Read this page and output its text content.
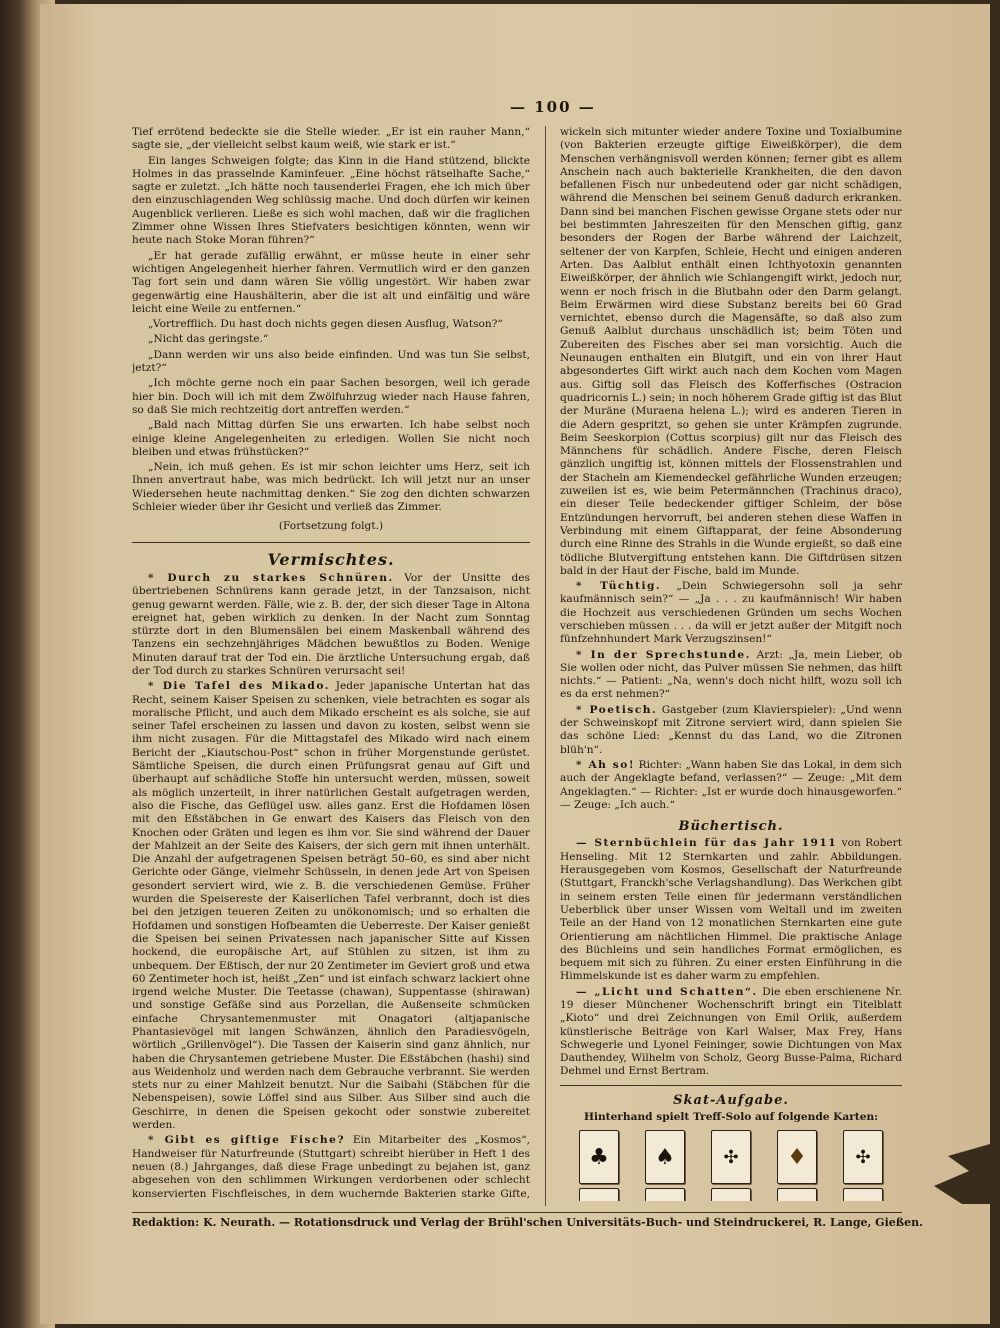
— 100 —

Tief errötend bedeckte sie die Stelle wieder. „Er ist ein rauher Mann,“ sagte sie, „der vielleicht selbst kaum weiß, wie stark er ist.“

Ein langes Schweigen folgte; das Kinn in die Hand stützend, blickte Holmes in das prasselnde Kaminfeuer. „Eine höchst rätselhafte Sache,“ sagte er zuletzt. „Ich hätte noch tausenderlei Fragen, ehe ich mich über den einzuschlagenden Weg schlüssig mache. Und doch dürfen wir keinen Augenblick verlieren. Ließe es sich wohl machen, daß wir die fraglichen Zimmer ohne Wissen Ihres Stiefvaters besichtigen könnten, wenn wir heute nach Stoke Moran führen?“

„Er hat gerade zufällig erwähnt, er müsse heute in einer sehr wichtigen Angelegenheit hierher fahren. Vermutlich wird er den ganzen Tag fort sein und dann wären Sie völlig ungestört. Wir haben zwar gegenwärtig eine Haushälterin, aber die ist alt und einfältig und wäre leicht eine Weile zu entfernen.“

„Vortrefflich. Du hast doch nichts gegen diesen Ausflug, Watson?“

„Nicht das geringste.“

„Dann werden wir uns also beide einfinden. Und was tun Sie selbst, jetzt?“

„Ich möchte gerne noch ein paar Sachen besorgen, weil ich gerade hier bin. Doch will ich mit dem Zwölfuhrzug wieder nach Hause fahren, so daß Sie mich rechtzeitig dort antreffen werden.“

„Bald nach Mittag dürfen Sie uns erwarten. Ich habe selbst noch einige kleine Angelegenheiten zu erledigen. Wollen Sie nicht noch bleiben und etwas frühstücken?“

„Nein, ich muß gehen. Es ist mir schon leichter ums Herz, seit ich Ihnen anvertraut habe, was mich bedrückt. Ich will jetzt nur an unser Wiedersehen heute nachmittag denken.“ Sie zog den dichten schwarzen Schleier wieder über ihr Gesicht und verließ das Zimmer.

(Fortsetzung folgt.)
Vermischtes.

* Durch zu starkes Schnüren. Vor der Unsitte des übertriebenen Schnürens kann gerade jetzt, in der Tanzsaison, nicht genug gewarnt werden. Fälle, wie z. B. der, der sich dieser Tage in Altona ereignet hat, geben wirklich zu denken. In der Nacht zum Sonntag stürzte dort in den Blumensälen bei einem Maskenball während des Tanzens ein sechzehnjähriges Mädchen bewußtlos zu Boden. Wenige Minuten darauf trat der Tod ein. Die ärztliche Untersuchung ergab, daß der Tod durch zu starkes Schnüren verursacht sei!

* Die Tafel des Mikado. Jeder japanische Untertan hat das Recht, seinem Kaiser Speisen zu schenken, viele betrachten es sogar als moralische Pflicht, und auch dem Mikado erscheint es als solche, sie auf seiner Tafel erscheinen zu lassen und davon zu kosten, selbst wenn sie ihm nicht zusagen. Für die Mittagstafel des Mikado wird nach einem Bericht der „Kiautschou-Post“ schon in früher Morgenstunde gerüstet. Sämtliche Speisen, die durch einen Prüfungsrat genau auf Gift und überhaupt auf schädliche Stoffe hin untersucht werden, müssen, soweit als möglich unzerteilt, in ihrer natürlichen Gestalt aufgetragen werden, also die Fische, das Geflügel usw. alles ganz. Erst die Hofdamen lösen mit den Eßstäbchen in Ge enwart des Kaisers das Fleisch von den Knochen oder Gräten und legen es ihm vor. Sie sind während der Dauer der Mahlzeit an der Seite des Kaisers, der sich gern mit ihnen unterhält. Die Anzahl der aufgetragenen Speisen beträgt 50–60, es sind aber nicht Gerichte oder Gänge, vielmehr Schüsseln, in denen jede Art von Speisen gesondert serviert wird, wie z. B. die verschiedenen Gemüse. Früher wurden die Speisereste der Kaiserlichen Tafel verbrannt, doch ist dies bei den jetzigen teueren Zeiten zu unökonomisch; und so erhalten die Hofdamen und sonstigen Hofbeamten die Ueberreste. Der Kaiser genießt die Speisen bei seinen Privatessen nach japanischer Sitte auf Kissen hockend, die europäische Art, auf Stühlen zu sitzen, ist ihm zu unbequem. Der Eßtisch, der nur 20 Zentimeter im Geviert groß und etwa 60 Zentimeter hoch ist, heißt „Zen“ und ist einfach schwarz lackiert ohne irgend welche Muster. Die Teetasse (chawan), Suppentasse (shirawan) und sonstige Gefäße sind aus Porzellan, die Außenseite schmücken einfache Chrysantemenmuster mit Onagatori (altjapanische Phantasievögel mit langen Schwänzen, ähnlich den Paradiesvögeln, wörtlich „Grillenvögel“). Die Tassen der Kaiserin sind ganz ähnlich, nur haben die Chrysantemen getriebene Muster. Die Eßstäbchen (hashi) sind aus Weidenholz und werden nach dem Gebrauche verbrannt. Sie werden stets nur zu einer Mahlzeit benutzt. Nur die Saibahi (Stäbchen für die Nebenspeisen), sowie Löffel sind aus Silber. Aus Silber sind auch die Geschirre, in denen die Speisen gekocht oder sonstwie zubereitet werden.

* Gibt es giftige Fische? Ein Mitarbeiter des „Kosmos“, Handweiser für Naturfreunde (Stuttgart) schreibt hierüber in Heft 1 des neuen (8.) Jahrganges, daß diese Frage unbedingt zu bejahen ist, ganz abgesehen von den schlimmen Wirkungen verdorbenen oder schlecht konservierten Fischfleisches, in dem wuchernde Bakterien starke Gifte,

wickeln sich mitunter wieder andere Toxine und Toxialbumine (von Bakterien erzeugte giftige Eiweißkörper), die dem Menschen verhängnisvoll werden können; ferner gibt es allem Anschein nach auch bakterielle Krankheiten, die den davon befallenen Fisch nur unbedeutend oder gar nicht schädigen, während die Menschen bei seinem Genuß dadurch erkranken. Dann sind bei manchen Fischen gewisse Organe stets oder nur bei bestimmten Jahreszeiten für den Menschen giftig, ganz besonders der Rogen der Barbe während der Laichzeit, seltener der von Karpfen, Schleie, Hecht und einigen anderen Arten. Das Aalblut enthält einen Ichthyotoxin genannten Eiweißkörper, der ähnlich wie Schlangengift wirkt, jedoch nur, wenn er noch frisch in die Blutbahn oder den Darm gelangt. Beim Erwärmen wird diese Substanz bereits bei 60 Grad vernichtet, ebenso durch die Magensäfte, so daß also zum Genuß Aalblut durchaus unschädlich ist; beim Töten und Zubereiten des Fisches aber sei man vorsichtig. Auch die Neunaugen enthalten ein Blutgift, und ein von ihrer Haut abgesondertes Gift wirkt auch nach dem Kochen vom Magen aus. Giftig soll das Fleisch des Kofferfisches (Ostracion quadricornis L.) sein; in noch höherem Grade giftig ist das Blut der Muräne (Muraena helena L.); wird es anderen Tieren in die Adern gespritzt, so gehen sie unter Krämpfen zugrunde. Beim Seeskorpion (Cottus scorpius) gilt nur das Fleisch des Männchens für schädlich. Andere Fische, deren Fleisch gänzlich ungiftig ist, können mittels der Flossenstrahlen und der Stacheln am Kiemendeckel gefährliche Wunden erzeugen; zuweilen ist es, wie beim Petermännchen (Trachinus draco), ein dieser Teile bedeckender giftiger Schleim, der böse Entzündungen hervorruft, bei anderen stehen diese Waffen in Verbindung mit einem Giftapparat, der feine Absonderung durch eine Rinne des Strahls in die Wunde ergießt, so daß eine tödliche Blutvergiftung entstehen kann. Die Giftdrüsen sitzen bald in der Haut der Fische, bald im Munde.

* Tüchtig. „Dein Schwiegersohn soll ja sehr kaufmännisch sein?“ — „Ja . . . zu kaufmännisch! Wir haben die Hochzeit aus verschiedenen Gründen um sechs Wochen verschieben müssen . . . da will er jetzt außer der Mitgift noch fünfzehnhundert Mark Verzugszinsen!“

* In der Sprechstunde. Arzt: „Ja, mein Lieber, ob Sie wollen oder nicht, das Pulver müssen Sie nehmen, das hilft nichts.“ — Patient: „Na, wenn's doch nicht hilft, wozu soll ich es da erst nehmen?“

* Poetisch. Gastgeber (zum Klavierspieler): „Und wenn der Schweinskopf mit Zitrone serviert wird, dann spielen Sie das schöne Lied: „Kennst du das Land, wo die Zitronen blüh'n“.

* Ah so! Richter: „Wann haben Sie das Lokal, in dem sich auch der Angeklagte befand, verlassen?“ — Zeuge: „Mit dem Angeklagten.“ — Richter: „Ist er wurde doch hinausgeworfen.“ — Zeuge: „Ich auch.“

Büchertisch.

— Sternbüchlein für das Jahr 1911 von Robert Henseling. Mit 12 Sternkarten und zahlr. Abbildungen. Herausgegeben vom Kosmos, Gesellschaft der Naturfreunde (Stuttgart, Franckh'sche Verlagshandlung). Das Werkchen gibt in seinem ersten Teile einen für jedermann verständlichen Ueberblick über unser Wissen vom Weltall und im zweiten Teile an der Hand von 12 monatlichen Sternkarten eine gute Orientierung am nächtlichen Himmel. Die praktische Anlage des Büchleins und sein handliches Format ermöglichen, es bequem mit sich zu führen. Zu einer ersten Einführung in die Himmelskunde ist es daher warm zu empfehlen.

— „Licht und Schatten“. Die eben erschienene Nr. 19 dieser Münchener Wochenschrift bringt ein Titelblatt „Kioto“ und drei Zeichnungen von Emil Orlik, außerdem künstlerische Beiträge von Karl Walser, Max Frey, Hans Schwegerle und Lyonel Feininger, sowie Dichtungen von Max Dauthendey, Wilhelm von Scholz, Georg Busse-Palma, Richard Dehmel und Ernst Bertram.

Skat-Aufgabe.
Hinterhand spielt Treff-Solo auf folgende Karten:
♣	♠	✣	♦	✣
Redaktion: K. Neurath. — Rotationsdruck und Verlag der Brühl'schen Universitäts-Buch- und Steindruckerei, R. Lange, Gießen.
